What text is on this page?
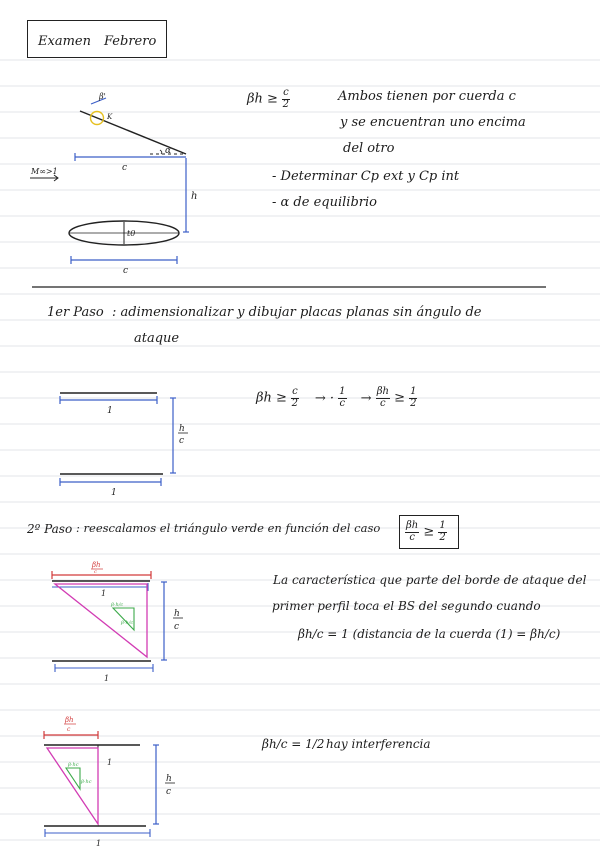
Examen Febrero
β'
K
α
c
h
t0
c
M∞>1
1
h
c
1
βh
c
1
β·h/c
β·h/c
1
h
c
βh
c
β·hc
β·hc
1
1
h
c
$\beta h \ge \frac{c}{2}$	Ambos tienen por cuerda c
y se encuentran uno encima
del otro
- Determinar Cp ext y Cp int
- α de equilibrio
1er Paso : adimensionalizar y dibujar placas planas sin ángulo de
ataque
$\beta h \ge \frac{c}{2}$ → · $\frac{1}{c} \to \frac{\beta h}{c} \ge \frac{1}{2}$
2º Paso : reescalamos el triángulo verde en función del caso $\frac{\beta h}{c} \ge \frac{1}{2}$
La característica que parte del borde de ataque del
primer perfil toca el BS del segundo cuando
βh/c = 1 (distancia de la cuerda (1) = βh/c)
βh/c = 1/2 hay interferencia
